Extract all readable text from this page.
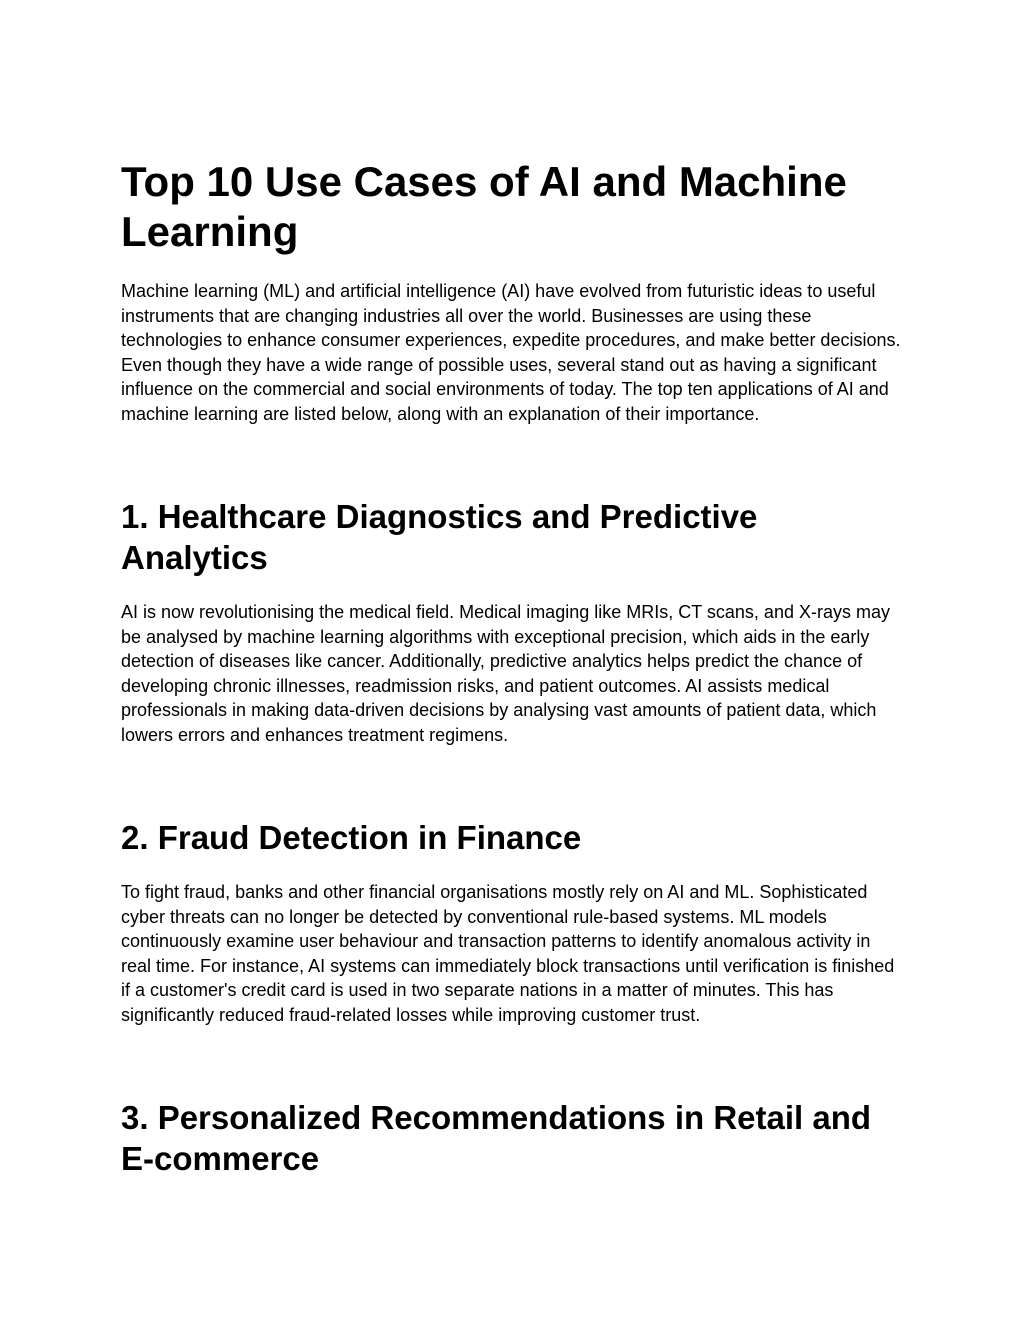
Top 10 Use Cases of AI and Machine Learning

Machine learning (ML) and artificial intelligence (AI) have evolved from futuristic ideas to useful instruments that are changing industries all over the world. Businesses are using these technologies to enhance consumer experiences, expedite procedures, and make better decisions. Even though they have a wide range of possible uses, several stand out as having a significant influence on the commercial and social environments of today. The top ten applications of AI and machine learning are listed below, along with an explanation of their importance.

1. Healthcare Diagnostics and Predictive Analytics

AI is now revolutionising the medical field. Medical imaging like MRIs, CT scans, and X-rays may be analysed by machine learning algorithms with exceptional precision, which aids in the early detection of diseases like cancer. Additionally, predictive analytics helps predict the chance of developing chronic illnesses, readmission risks, and patient outcomes. AI assists medical professionals in making data-driven decisions by analysing vast amounts of patient data, which lowers errors and enhances treatment regimens.

2. Fraud Detection in Finance

To fight fraud, banks and other financial organisations mostly rely on AI and ML. Sophisticated cyber threats can no longer be detected by conventional rule-based systems. ML models continuously examine user behaviour and transaction patterns to identify anomalous activity in real time. For instance, AI systems can immediately block transactions until verification is finished if a customer's credit card is used in two separate nations in a matter of minutes. This has significantly reduced fraud-related losses while improving customer trust.

3. Personalized Recommendations in Retail and E-commerce
